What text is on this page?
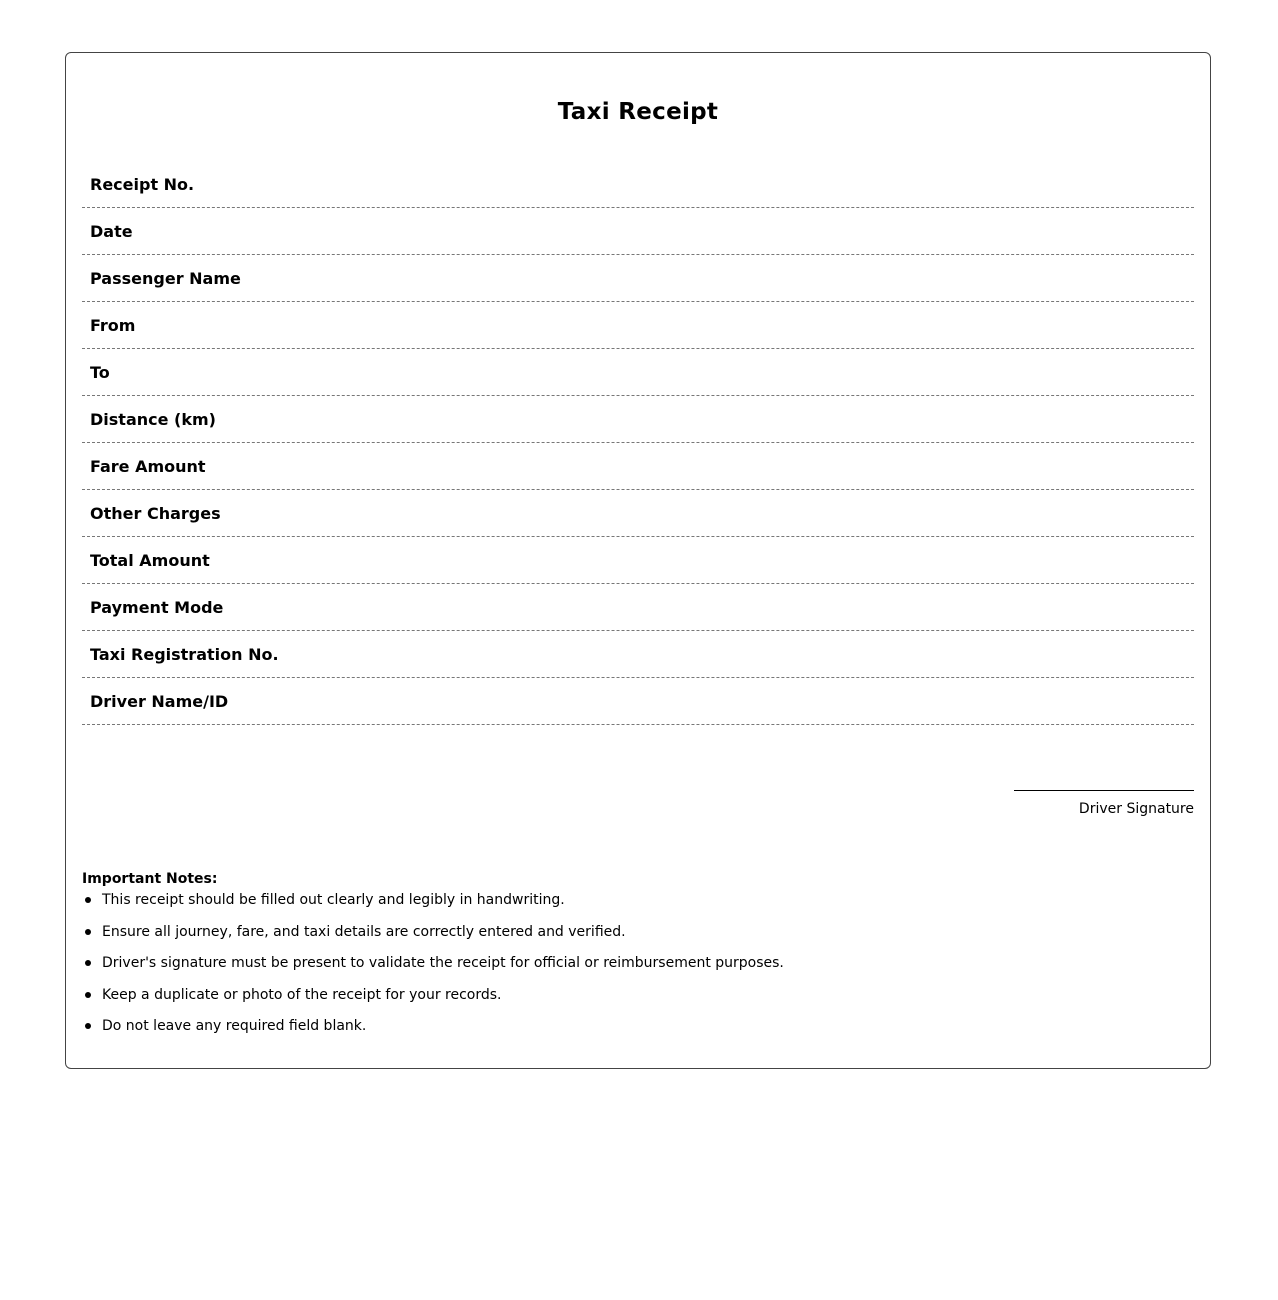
Taxi Receipt
Receipt No.
Date
Passenger Name
From
To
Distance (km)
Fare Amount
Other Charges
Total Amount
Payment Mode
Taxi Registration No.
Driver Name/ID
Driver Signature
Important Notes:
This receipt should be filled out clearly and legibly in handwriting.
Ensure all journey, fare, and taxi details are correctly entered and verified.
Driver's signature must be present to validate the receipt for official or reimbursement purposes.
Keep a duplicate or photo of the receipt for your records.
Do not leave any required field blank.
